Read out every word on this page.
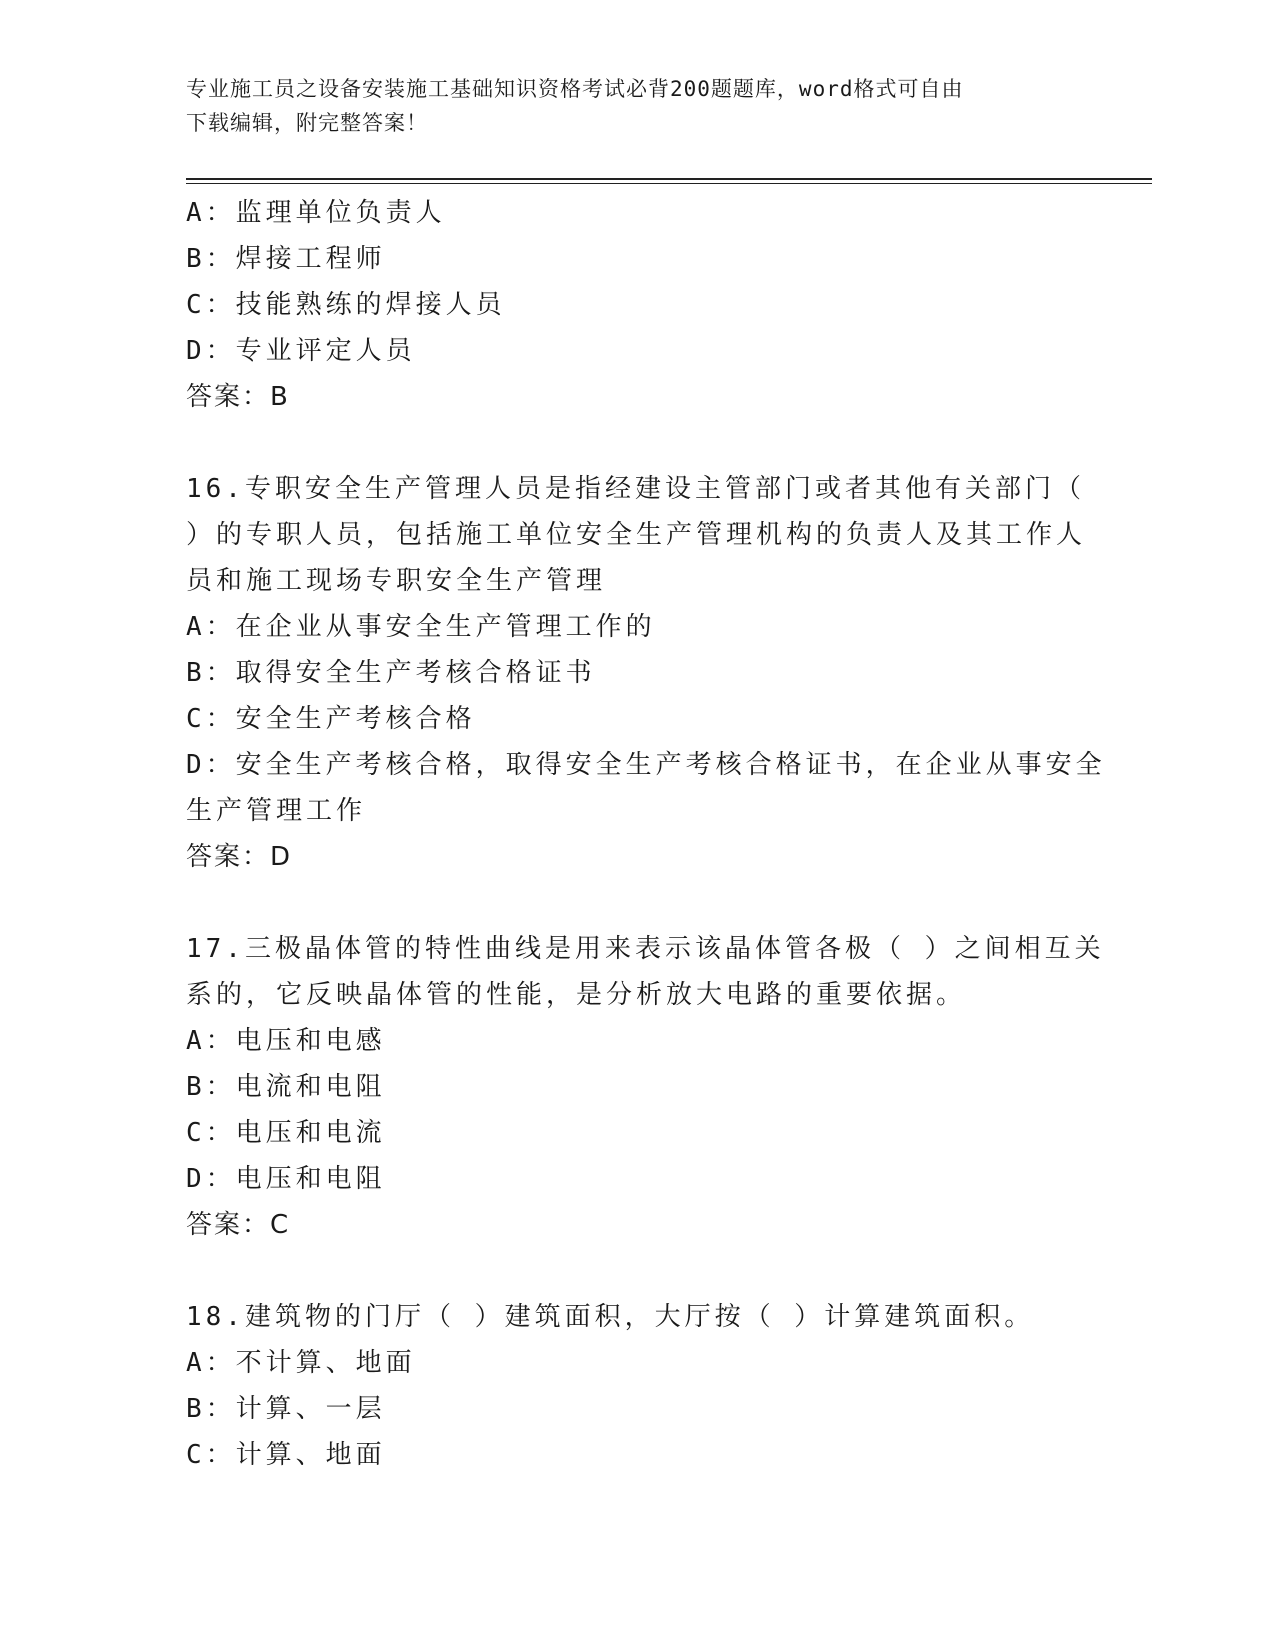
专业施工员之设备安装施工基础知识资格考试必背200题题库，word格式可自由
下载编辑，附完整答案！
A：监理单位负责人
B：焊接工程师
C：技能熟练的焊接人员
D：专业评定人员
答案：B
16.专职安全生产管理人员是指经建设主管部门或者其他有关部门（
）的专职人员，包括施工单位安全生产管理机构的负责人及其工作人
员和施工现场专职安全生产管理
A：在企业从事安全生产管理工作的
B：取得安全生产考核合格证书
C：安全生产考核合格
D：安全生产考核合格，取得安全生产考核合格证书，在企业从事安全
生产管理工作
答案：D
17.三极晶体管的特性曲线是用来表示该晶体管各极（ ）之间相互关
系的，它反映晶体管的性能，是分析放大电路的重要依据。
A：电压和电感
B：电流和电阻
C：电压和电流
D：电压和电阻
答案：C
18.建筑物的门厅（ ）建筑面积，大厅按（ ）计算建筑面积。
A：不计算、地面
B：计算、一层
C：计算、地面
